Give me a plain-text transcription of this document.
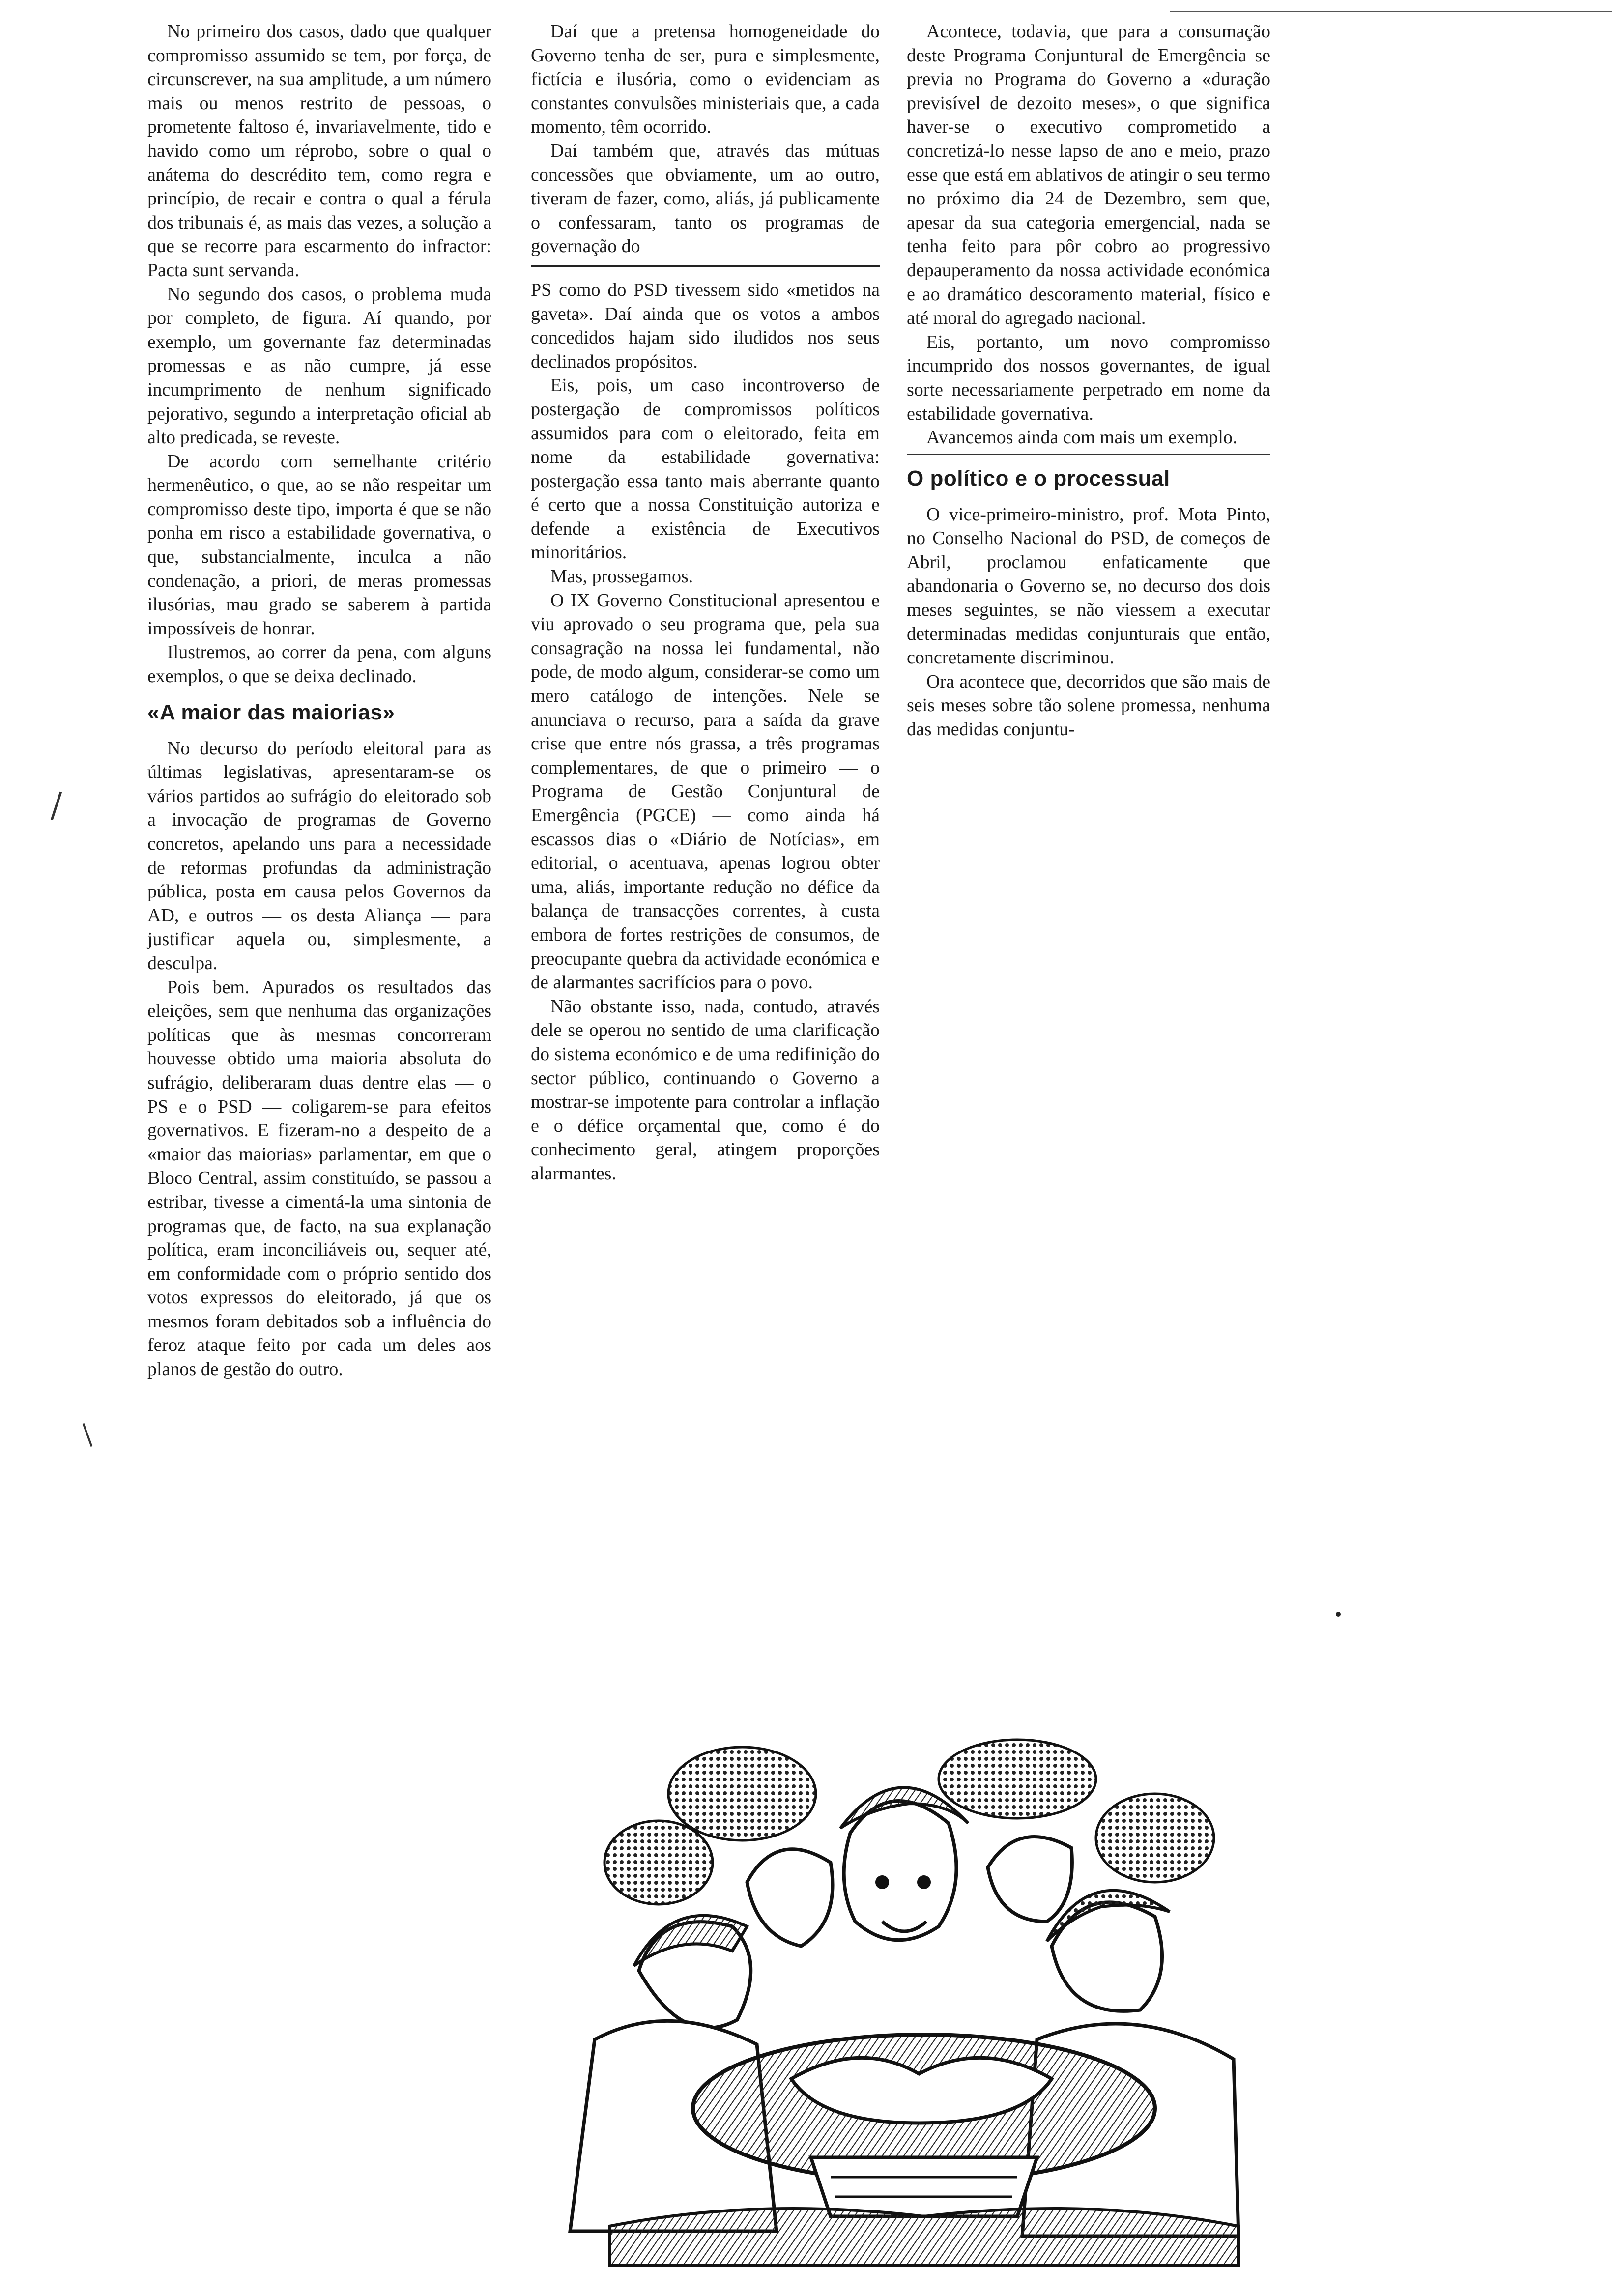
No primeiro dos casos, dado que qualquer compromisso assumido se tem, por força, de circunscrever, na sua amplitude, a um número mais ou menos restrito de pessoas, o prometente faltoso é, invariavelmente, tido e havido como um réprobo, sobre o qual o anátema do descrédito tem, como regra e princípio, de recair e contra o qual a férula dos tribunais é, as mais das vezes, a solução a que se recorre para escarmento do infractor: Pacta sunt servanda.

No segundo dos casos, o problema muda por completo, de figura. Aí quando, por exemplo, um governante faz determinadas promessas e as não cumpre, já esse incumprimento de nenhum significado pejorativo, segundo a interpretação oficial ab alto predicada, se reveste.

De acordo com semelhante critério hermenêutico, o que, ao se não respeitar um compromisso deste tipo, importa é que se não ponha em risco a estabilidade governativa, o que, substancialmente, inculca a não condenação, a priori, de meras promessas ilusórias, mau grado se saberem à partida impossíveis de honrar.

Ilustremos, ao correr da pena, com alguns exemplos, o que se deixa declinado.

«A maior das maiorias»

No decurso do período eleitoral para as últimas legislativas, apresentaram-se os vários partidos ao sufrágio do eleitorado sob a invocação de programas de Governo concretos, apelando uns para a necessidade de reformas profundas da administração pública, posta em causa pelos Governos da AD, e outros — os desta Aliança — para justificar aquela ou, simplesmente, a desculpa.

Pois bem. Apurados os resultados das eleições, sem que nenhuma das organizações políticas que às mesmas concorreram houvesse obtido uma maioria absoluta do sufrágio, deliberaram duas dentre elas — o PS e o PSD — coligarem-se para efeitos governativos. E fizeram-no a despeito de a «maior das maiorias» parlamentar, em que o Bloco Central, assim constituído, se passou a estribar, tivesse a cimentá-la uma sintonia de programas que, de facto, na sua explanação política, eram inconciliáveis ou, sequer até, em conformidade com o próprio sentido dos votos expressos do eleitorado, já que os mesmos foram debitados sob a influência do feroz ataque feito por cada um deles aos planos de gestão do outro.

Daí que a pretensa homogeneidade do Governo tenha de ser, pura e simplesmente, fictícia e ilusória, como o evidenciam as constantes convulsões ministeriais que, a cada momento, têm ocorrido.

Daí também que, através das mútuas concessões que obviamente, um ao outro, tiveram de fazer, como, aliás, já publicamente o confessaram, tanto os programas de governação do

PS como do PSD tivessem sido «metidos na gaveta». Daí ainda que os votos a ambos concedidos hajam sido iludidos nos seus declinados propósitos.

Eis, pois, um caso incontroverso de postergação de compromissos políticos assumidos para com o eleitorado, feita em nome da estabilidade governativa: postergação essa tanto mais aberrante quanto é certo que a nossa Constituição autoriza e defende a existência de Executivos minoritários.

Mas, prossegamos.

O IX Governo Constitucional apresentou e viu aprovado o seu programa que, pela sua consagração na nossa lei fundamental, não pode, de modo algum, considerar-se como um mero catálogo de intenções. Nele se anunciava o recurso, para a saída da grave crise que entre nós grassa, a três programas complementares, de que o primeiro — o Programa de Gestão Conjuntural de Emergência (PGCE) — como ainda há escassos dias o «Diário de Notícias», em editorial, o acentuava, apenas logrou obter uma, aliás, importante redução no défice da balança de transacções correntes, à custa embora de fortes restrições de consumos, de preocupante quebra da actividade económica e de alarmantes sacrifícios para o povo.

Não obstante isso, nada, contudo, através dele se operou no sentido de uma clarificação do sistema económico e de uma redifinição do sector público, continuando o Governo a mostrar-se impotente para controlar a inflação e o défice orçamental que, como é do conhecimento geral, atingem proporções alarmantes.

Acontece, todavia, que para a consumação deste Programa Conjuntural de Emergência se previa no Programa do Governo a «duração previsível de dezoito meses», o que significa haver-se o executivo comprometido a concretizá-lo nesse lapso de ano e meio, prazo esse que está em ablativos de atingir o seu termo no próximo dia 24 de Dezembro, sem que, apesar da sua categoria emergencial, nada se tenha feito para pôr cobro ao progressivo depauperamento da nossa actividade económica e ao dramático descoramento material, físico e até moral do agregado nacional.

Eis, portanto, um novo compromisso incumprido dos nossos governantes, de igual sorte necessariamente perpetrado em nome da estabilidade governativa.

Avancemos ainda com mais um exemplo.

O político e o processual

O vice-primeiro-ministro, prof. Mota Pinto, no Conselho Nacional do PSD, de começos de Abril, proclamou enfaticamente que abandonaria o Governo se, no decurso dos dois meses seguintes, se não viessem a executar determinadas medidas conjunturais que então, concretamente discriminou.

Ora acontece que, decorridos que são mais de seis meses sobre tão solene promessa, nenhuma das medidas conjuntu-
